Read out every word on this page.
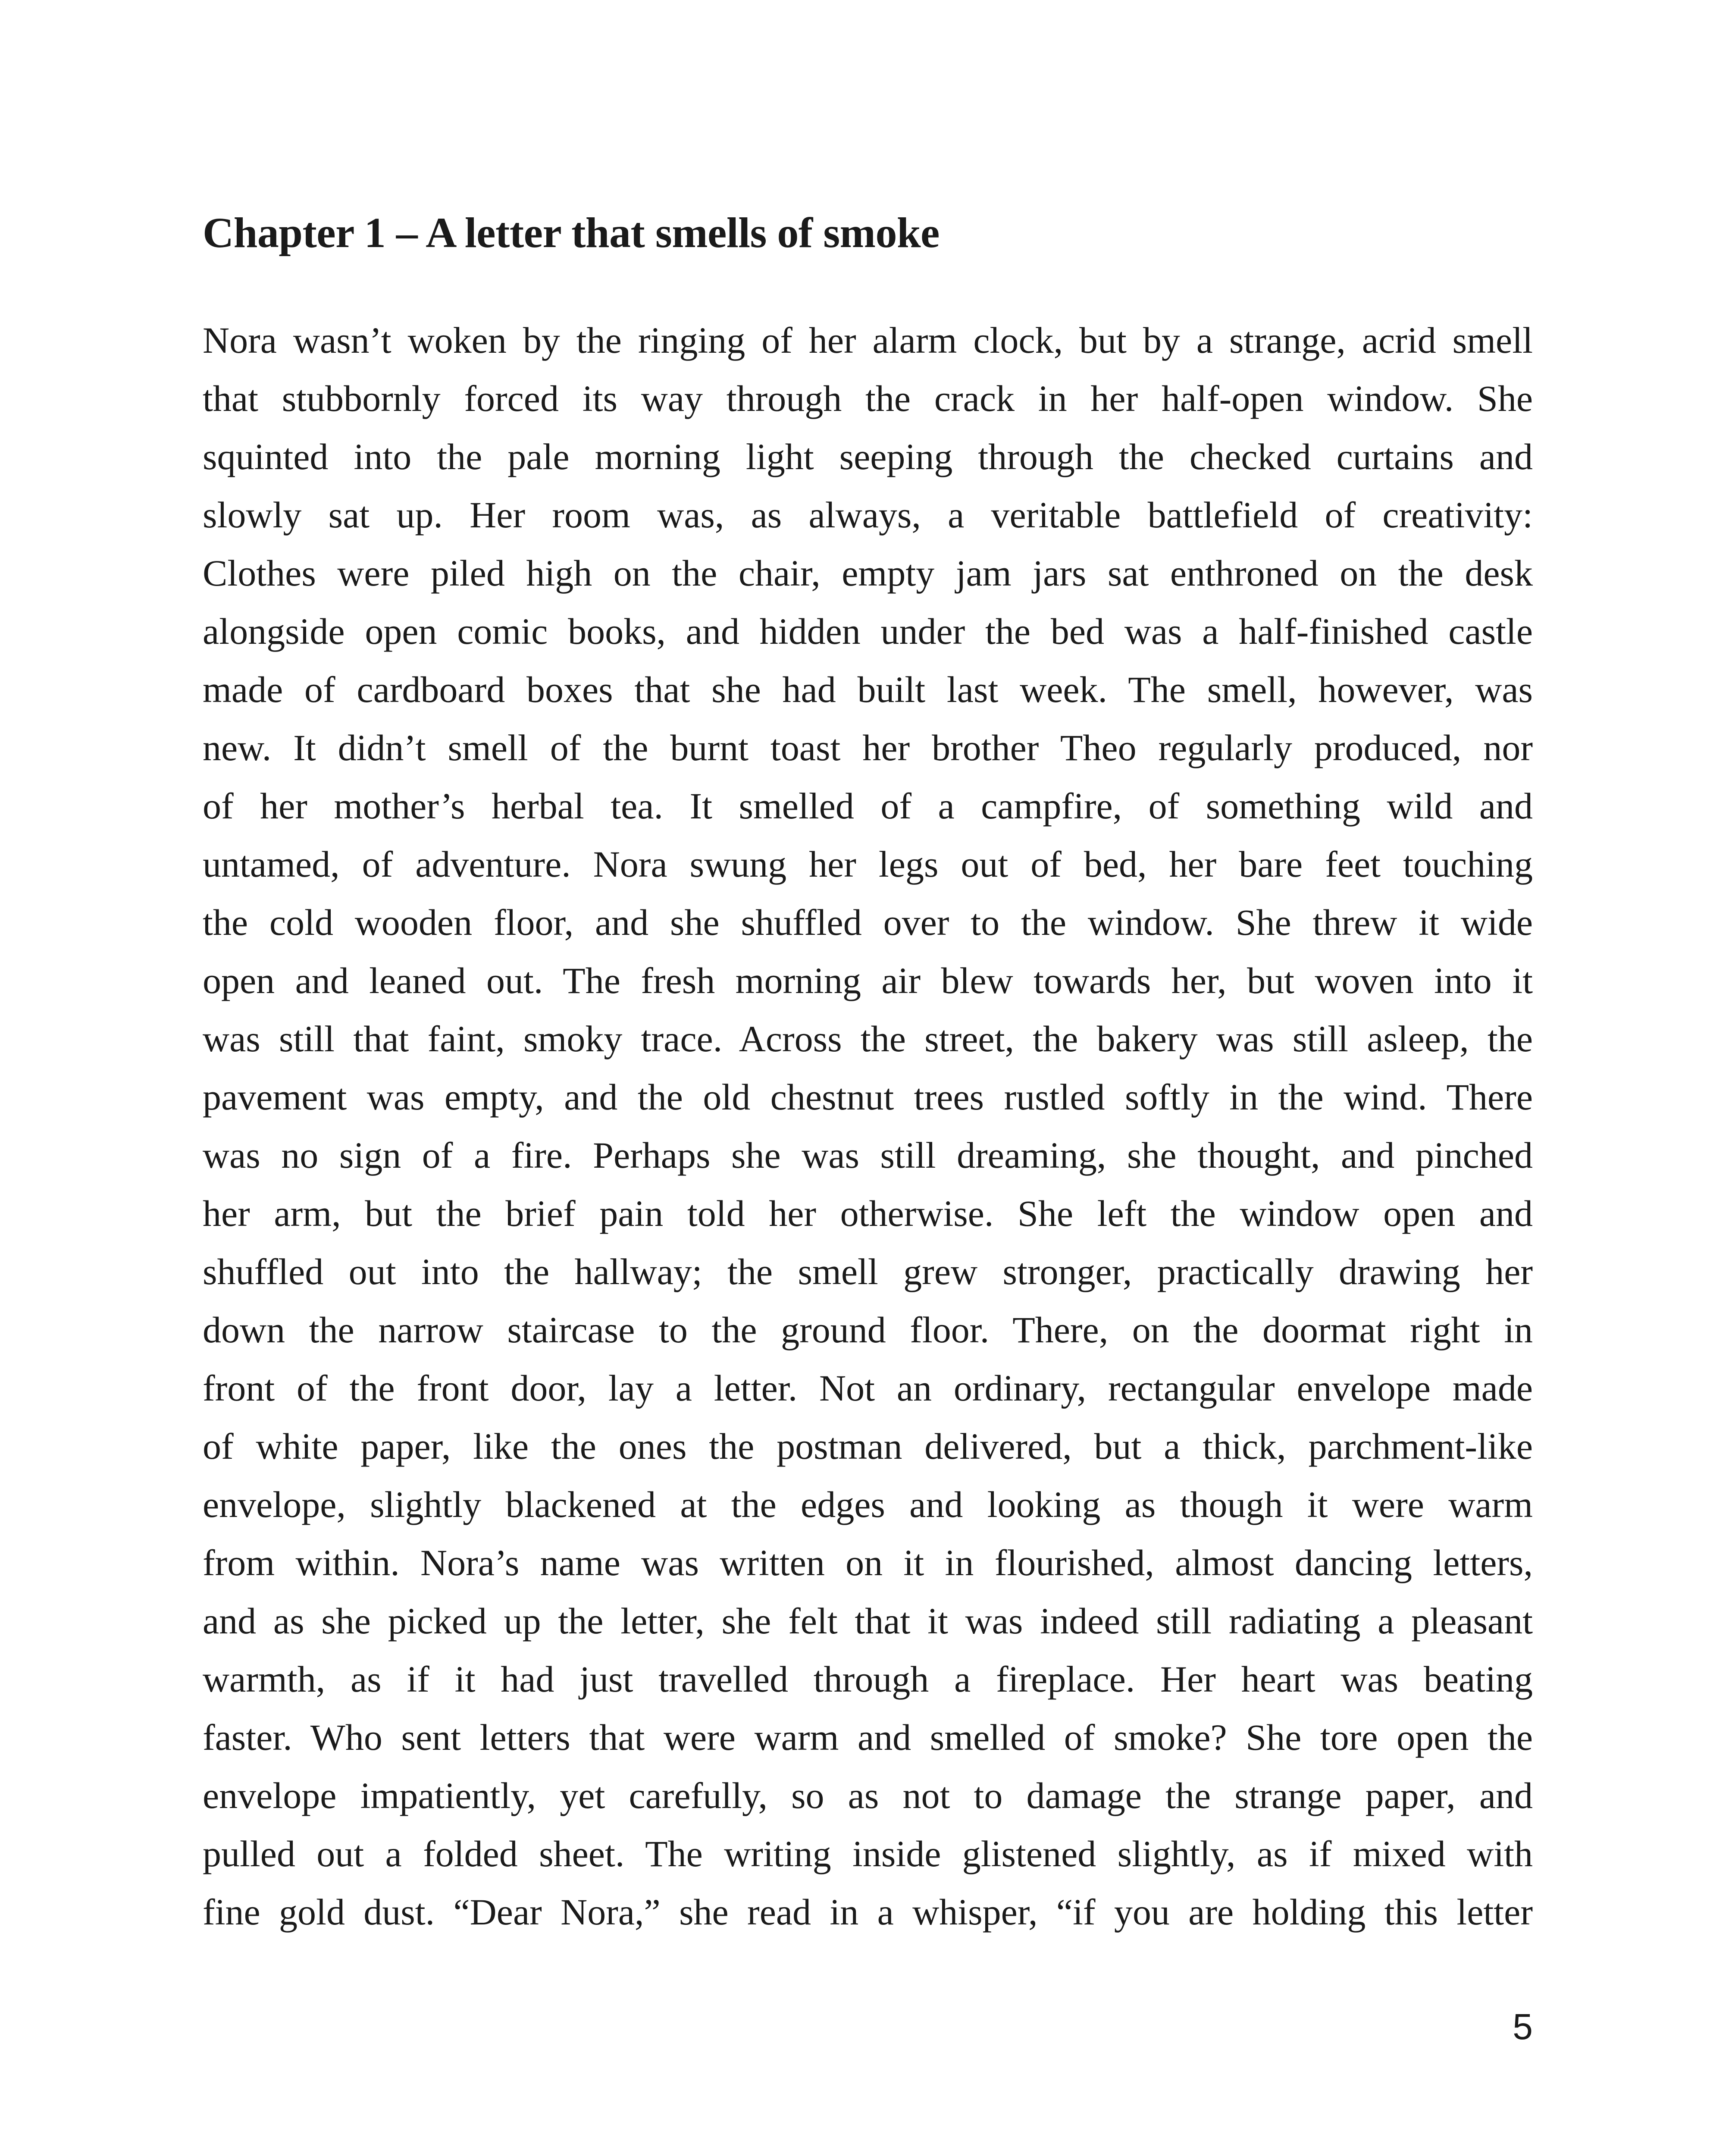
Chapter 1 – A letter that smells of smoke
Nora wasn’t woken by the ringing of her alarm clock, but by a strange, acrid smell
that stubbornly forced its way through the crack in her half-open window. She
squinted into the pale morning light seeping through the checked curtains and
slowly sat up. Her room was, as always, a veritable battlefield of creativity:
Clothes were piled high on the chair, empty jam jars sat enthroned on the desk
alongside open comic books, and hidden under the bed was a half-finished castle
made of cardboard boxes that she had built last week. The smell, however, was
new. It didn’t smell of the burnt toast her brother Theo regularly produced, nor
of her mother’s herbal tea. It smelled of a campfire, of something wild and
untamed, of adventure. Nora swung her legs out of bed, her bare feet touching
the cold wooden floor, and she shuffled over to the window. She threw it wide
open and leaned out. The fresh morning air blew towards her, but woven into it
was still that faint, smoky trace. Across the street, the bakery was still asleep, the
pavement was empty, and the old chestnut trees rustled softly in the wind. There
was no sign of a fire. Perhaps she was still dreaming, she thought, and pinched
her arm, but the brief pain told her otherwise. She left the window open and
shuffled out into the hallway; the smell grew stronger, practically drawing her
down the narrow staircase to the ground floor. There, on the doormat right in
front of the front door, lay a letter. Not an ordinary, rectangular envelope made
of white paper, like the ones the postman delivered, but a thick, parchment-like
envelope, slightly blackened at the edges and looking as though it were warm
from within. Nora’s name was written on it in flourished, almost dancing letters,
and as she picked up the letter, she felt that it was indeed still radiating a pleasant
warmth, as if it had just travelled through a fireplace. Her heart was beating
faster. Who sent letters that were warm and smelled of smoke? She tore open the
envelope impatiently, yet carefully, so as not to damage the strange paper, and
pulled out a folded sheet. The writing inside glistened slightly, as if mixed with
fine gold dust. “Dear Nora,” she read in a whisper, “if you are holding this letter
5
